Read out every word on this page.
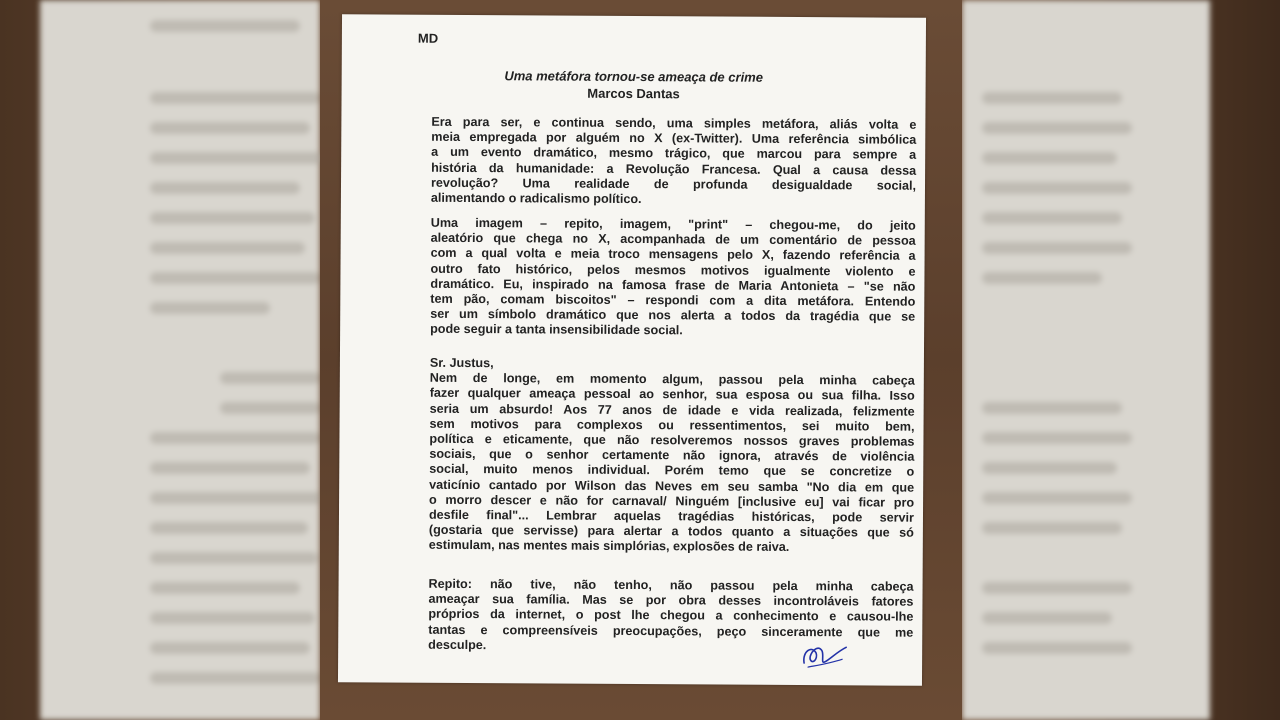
MD
Uma metáfora tornou-se ameaça de crime
Marcos Dantas

Era para ser, e continua sendo, uma simples metáfora, aliás volta e
meia empregada por alguém no X (ex-Twitter). Uma referência simbólica
a um evento dramático, mesmo trágico, que marcou para sempre a
história da humanidade: a Revolução Francesa. Qual a causa dessa
revolução? Uma realidade de profunda desigualdade social,
alimentando o radicalismo político.

Uma imagem – repito, imagem, "print" – chegou-me, do jeito
aleatório que chega no X, acompanhada de um comentário de pessoa
com a qual volta e meia troco mensagens pelo X, fazendo referência a
outro fato histórico, pelos mesmos motivos igualmente violento e
dramático. Eu, inspirado na famosa frase de Maria Antonieta – "se não
tem pão, comam biscoitos" – respondi com a dita metáfora. Entendo
ser um símbolo dramático que nos alerta a todos da tragédia que se
pode seguir a tanta insensibilidade social.

Sr. Justus,
Nem de longe, em momento algum, passou pela minha cabeça
fazer qualquer ameaça pessoal ao senhor, sua esposa ou sua filha. Isso
seria um absurdo! Aos 77 anos de idade e vida realizada, felizmente
sem motivos para complexos ou ressentimentos, sei muito bem,
política e eticamente, que não resolveremos nossos graves problemas
sociais, que o senhor certamente não ignora, através de violência
social, muito menos individual. Porém temo que se concretize o
vaticínio cantado por Wilson das Neves em seu samba "No dia em que
o morro descer e não for carnaval/ Ninguém [inclusive eu] vai ficar pro
desfile final"... Lembrar aquelas tragédias históricas, pode servir
(gostaria que servisse) para alertar a todos quanto a situações que só
estimulam, nas mentes mais simplórias, explosões de raiva.

Repito: não tive, não tenho, não passou pela minha cabeça
ameaçar sua família. Mas se por obra desses incontroláveis fatores
próprios da internet, o post lhe chegou a conhecimento e causou-lhe
tantas e compreensíveis preocupações, peço sinceramente que me
desculpe.
